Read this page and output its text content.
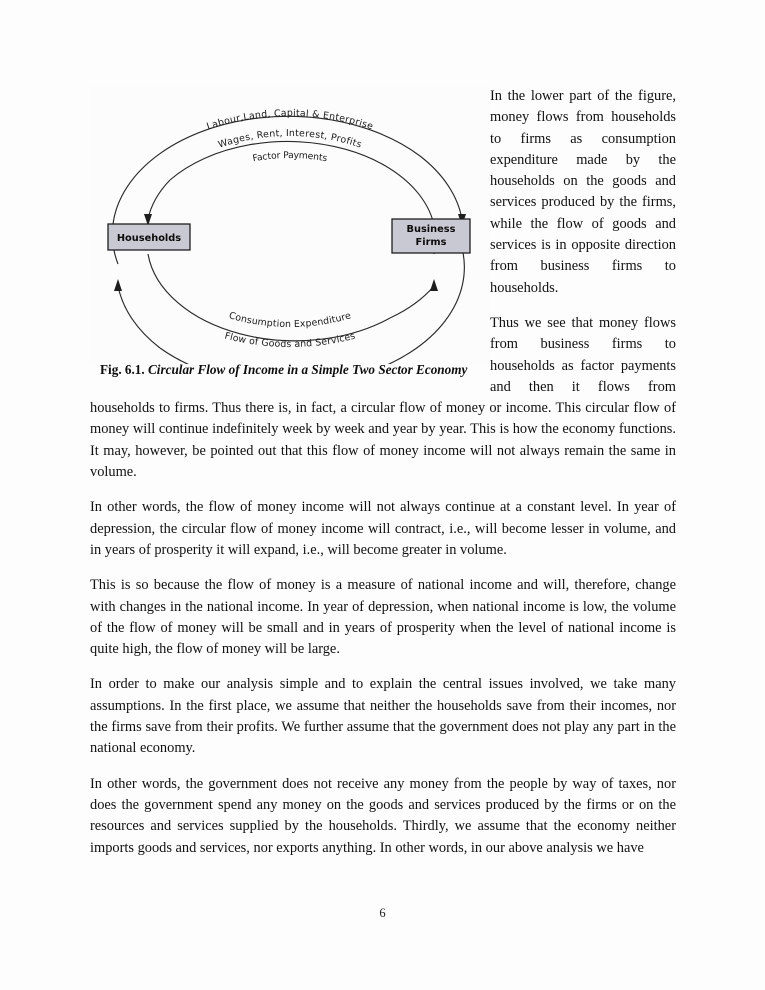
Labour,Land, Capital & Enterprise
Wages, Rent, Interest, Profits
Factor Payments
Consumption Expenditure
Flow of Goods and Services
Households
Business
Firms
Fig. 6.1. Circular Flow of Income in a Simple Two Sector Economy

In the lower part of the figure, money flows from households to firms as consumption expenditure made by the households on the goods and services produced by the firms, while the flow of goods and services is in opposite direction from business firms to households.

Thus we see that money flows from business firms to households as factor payments and then it flows from households to firms. Thus there is, in fact, a circular flow of money or income. This circular flow of money will continue indefinitely week by week and year by year. This is how the economy functions. It may, however, be pointed out that this flow of money income will not always remain the same in volume.

In other words, the flow of money income will not always continue at a constant level. In year of depression, the circular flow of money income will contract, i.e., will become lesser in volume, and in years of prosperity it will expand, i.e., will become greater in volume.

This is so because the flow of money is a measure of national income and will, therefore, change with changes in the national income. In year of depression, when national income is low, the volume of the flow of money will be small and in years of prosperity when the level of national income is quite high, the flow of money will be large.

In order to make our analysis simple and to explain the central issues involved, we take many assumptions. In the first place, we assume that neither the households save from their incomes, nor the firms save from their profits. We further assume that the government does not play any part in the national economy.

In other words, the government does not receive any money from the people by way of taxes, nor does the government spend any money on the goods and services produced by the firms or on the resources and services supplied by the households. Thirdly, we assume that the economy neither imports goods and services, nor exports anything. In other words, in our above analysis we have

6
